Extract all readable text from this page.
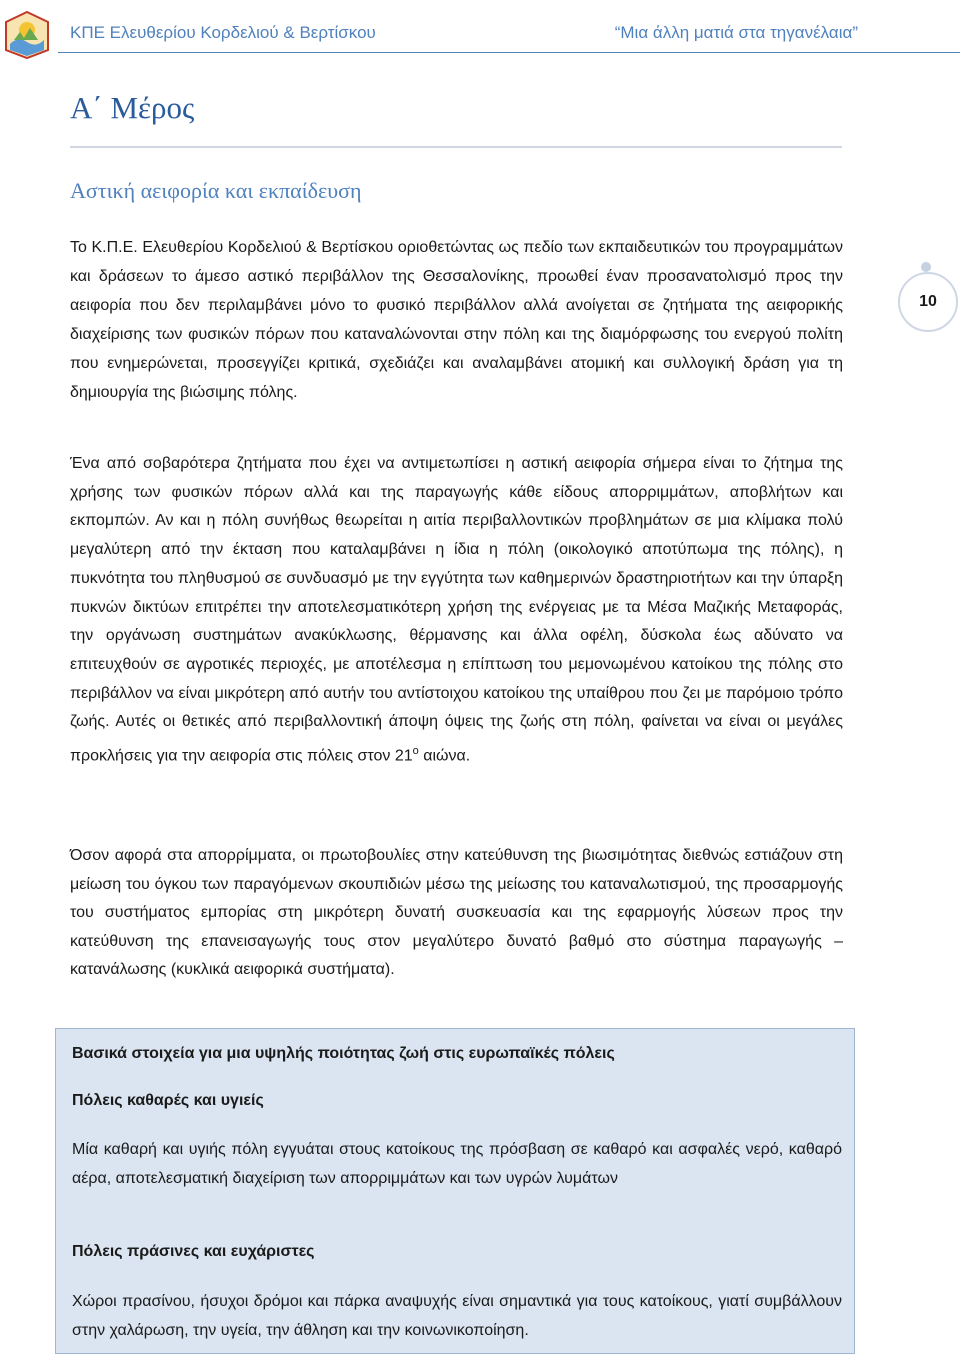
ΚΠΕ Ελευθερίου Κορδελιού & Βερτίσκου	“Μια άλλη ματιά στα τηγανέλαια”
Α΄ Μέρος
Αστική αειφορία και εκπαίδευση

Το Κ.Π.Ε. Ελευθερίου Κορδελιού & Βερτίσκου οριοθετώντας ως πεδίο των εκπαιδευτικών του προγραμμάτων και δράσεων το άμεσο αστικό περιβάλλον της Θεσσαλονίκης, προωθεί έναν προσανατολισμό προς την αειφορία που δεν περιλαμβάνει μόνο το φυσικό περιβάλλον αλλά ανοίγεται σε ζητήματα της αειφορικής διαχείρισης των φυσικών πόρων που καταναλώνονται στην πόλη και της διαμόρφωσης του ενεργού πολίτη που ενημερώνεται, προσεγγίζει κριτικά, σχεδιάζει και αναλαμβάνει ατομική και συλλογική δράση για τη δημιουργία της βιώσιμης πόλης.

10

Ένα από σοβαρότερα ζητήματα που έχει να αντιμετωπίσει η αστική αειφορία σήμερα είναι το ζήτημα της χρήσης των φυσικών πόρων αλλά και της παραγωγής κάθε είδους απορριμμάτων, αποβλήτων και εκπομπών. Αν και η πόλη συνήθως θεωρείται η αιτία περιβαλλοντικών προβλημάτων σε μια κλίμακα πολύ μεγαλύτερη από την έκταση που καταλαμβάνει η ίδια η πόλη (οικολογικό αποτύπωμα της πόλης), η πυκνότητα του πληθυσμού σε συνδυασμό με την εγγύτητα των καθημερινών δραστηριοτήτων και την ύπαρξη πυκνών δικτύων επιτρέπει την αποτελεσματικότερη χρήση της ενέργειας με τα Μέσα Μαζικής Μεταφοράς, την οργάνωση συστημάτων ανακύκλωσης, θέρμανσης και άλλα οφέλη, δύσκολα έως αδύνατο να επιτευχθούν σε αγροτικές περιοχές, με αποτέλεσμα η επίπτωση του μεμονωμένου κατοίκου της πόλης στο περιβάλλον να είναι μικρότερη από αυτήν του αντίστοιχου κατοίκου της υπαίθρου που ζει με παρόμοιο τρόπο ζωής. Αυτές οι θετικές από περιβαλλοντική άποψη όψεις της ζωής στη πόλη, φαίνεται να είναι οι μεγάλες προκλήσεις για την αειφορία στις πόλεις στον $21^o$ αιώνα.

Όσον αφορά στα απορρίμματα, οι πρωτοβουλίες στην κατεύθυνση της βιωσιμότητας διεθνώς εστιάζουν στη μείωση του όγκου των παραγόμενων σκουπιδιών μέσω της μείωσης του καταναλωτισμού, της προσαρμογής του συστήματος εμπορίας στη μικρότερη δυνατή συσκευασία και της εφαρμογής λύσεων προς την κατεύθυνση της επανεισαγωγής τους στον μεγαλύτερο δυνατό βαθμό στο σύστημα παραγωγής – κατανάλωσης (κυκλικά αειφορικά συστήματα).

Βασικά στοιχεία για μια υψηλής ποιότητας ζωή στις ευρωπαϊκές πόλεις

Πόλεις καθαρές και υγιείς

Μία καθαρή και υγιής πόλη εγγυάται στους κατοίκους της πρόσβαση σε καθαρό και ασφαλές νερό, καθαρό αέρα, αποτελεσματική διαχείριση των απορριμμάτων και των υγρών λυμάτων

Πόλεις πράσινες και ευχάριστες

Χώροι πρασίνου, ήσυχοι δρόμοι και πάρκα αναψυχής είναι σημαντικά για τους κατοίκους, γιατί συμβάλλουν στην χαλάρωση, την υγεία, την άθληση και την κοινωνικοποίηση.
